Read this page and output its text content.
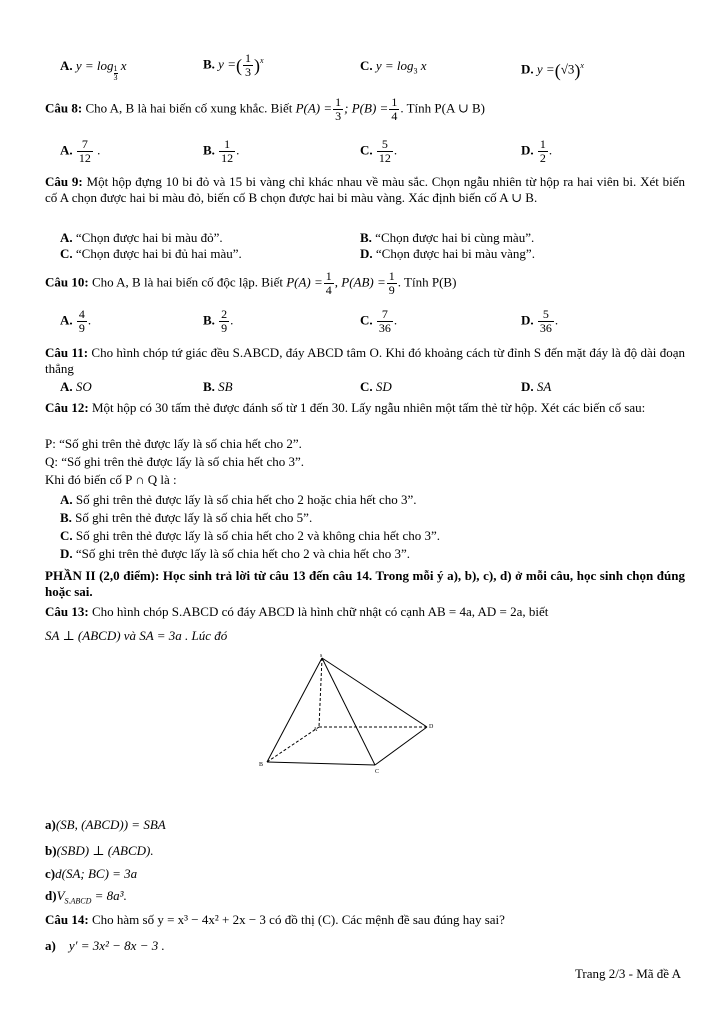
A. $y = \log \frac{1}{3}$ x	B. y =( $\frac{1}{3} )^x$	C. $y = \log_3 x$	D. $y =(√3)^x$
Câu 8: Cho A, B là hai biến cố xung khắc. Biết $P(A) = \frac{1}{3}$ ; $P(B) = \frac{1}{4}$ . Tính P(A ∪ B)
A. $\frac{7}{12}$ .	B. $\frac{1}{12}$ .	C. $\frac{5}{12}$ .	D. $\frac{1}{2}$ .
Câu 9: Một hộp đựng 10 bi đỏ và 15 bi vàng chỉ khác nhau về màu sắc. Chọn ngẫu nhiên từ hộp ra hai viên bi. Xét biến cố A chọn được hai bi màu đỏ, biến cố B chọn được hai bi màu vàng. Xác định biến cố A ∪ B.
A. “Chọn được hai bi màu đỏ”.	B. “Chọn được hai bi cùng màu”.
C. “Chọn được hai bi đủ hai màu”.	D. “Chọn được hai bi màu vàng”.
Câu 10: Cho A, B là hai biến cố độc lập. Biết $P(A) = \frac{1}{4}$ , $P(AB) = \frac{1}{9}$ . Tính P(B)
A. $\frac{4}{9}$ .	B. $\frac{2}{9}$ .	C. $\frac{7}{36}$ .	D. $\frac{5}{36}$ .
Câu 11: Cho hình chóp tứ giác đều S.ABCD, đáy ABCD tâm O. Khi đó khoảng cách từ đỉnh S đến mặt đáy là độ dài đoạn thẳng
A. SO	B. SB	C. SD	D. SA
Câu 12: Một hộp có 30 tấm thẻ được đánh số từ 1 đến 30. Lấy ngẫu nhiên một tấm thẻ từ hộp. Xét các biến cố sau:
P: “Số ghi trên thẻ được lấy là số chia hết cho 2”.
Q: “Số ghi trên thẻ được lấy là số chia hết cho 3”.
Khi đó biến cố P ∩ Q là :
A. Số ghi trên thẻ được lấy là số chia hết cho 2 hoặc chia hết cho 3”.
B. Số ghi trên thẻ được lấy là số chia hết cho 5”.
C. Số ghi trên thẻ được lấy là số chia hết cho 2 và không chia hết cho 3”.
D. “Số ghi trên thẻ được lấy là số chia hết cho 2 và chia hết cho 3”.
PHẦN II (2,0 điểm): Học sinh trả lời từ câu 13 đến câu 14. Trong mỗi ý a), b), c), d) ở mỗi câu, học sinh chọn đúng hoặc sai.
Câu 13: Cho hình chóp S.ABCD có đáy ABCD là hình chữ nhật có cạnh AB = 4a, AD = 2a, biết
SA ⊥ (ABCD) và SA = 3a . Lúc đó
s
A
B
C
D
a)(SB, (ABCD)) = SBA
b)(SBD) ⊥ (ABCD).
c)d(SA; BC) = 3a
$d)V_{S.ABCD} = 8a^3$.
Câu 14: Cho hàm số y = x³ − 4x² + 2x − 3 có đồ thị (C). Các mệnh đề sau đúng hay sai?
a) y′ = 3x² − 8x − 3 .
Trang 2/3 - Mã đề A
